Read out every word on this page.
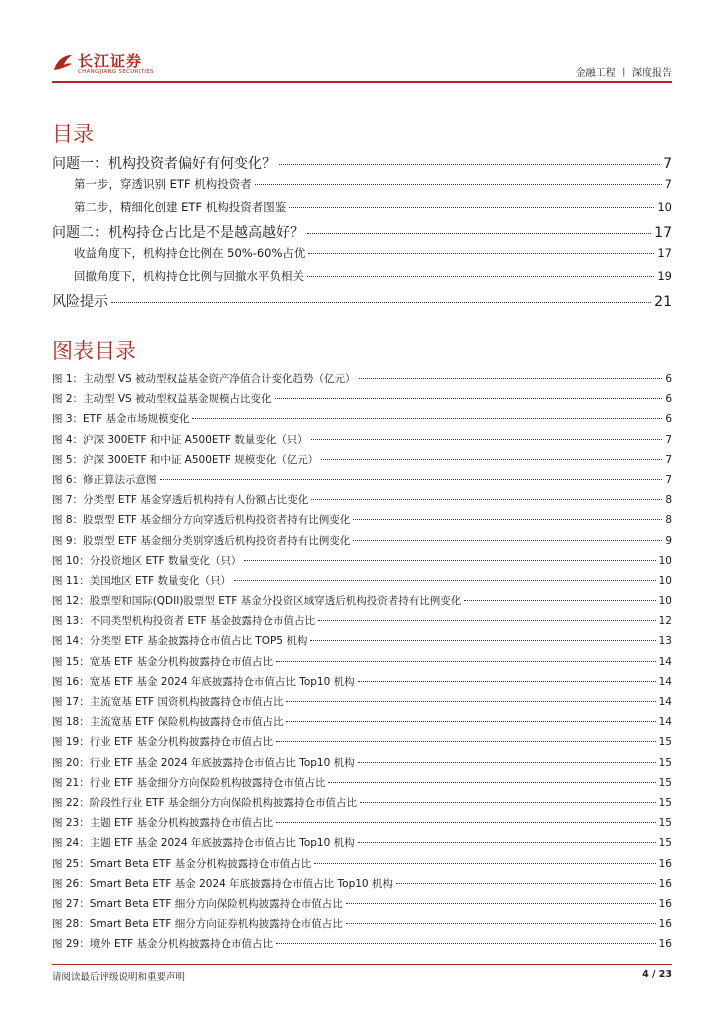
长江证券
CHANGJIANG SECURITIES	金融工程 丨 深度报告
目录
问题一：机构投资者偏好有何变化？	7
第一步，穿透识别 ETF 机构投资者	7
第二步，精细化创建 ETF 机构投资者图鉴	10
问题二：机构持仓占比是不是越高越好？	17
收益角度下，机构持仓比例在 50%-60%占优	17
回撤角度下，机构持仓比例与回撤水平负相关	19
风险提示	21
图表目录
图 1：主动型 VS 被动型权益基金资产净值合计变化趋势（亿元）	6
图 2：主动型 VS 被动型权益基金规模占比变化	6
图 3：ETF 基金市场规模变化	6
图 4：沪深 300ETF 和中证 A500ETF 数量变化（只）	7
图 5：沪深 300ETF 和中证 A500ETF 规模变化（亿元）	7
图 6：修正算法示意图	7
图 7：分类型 ETF 基金穿透后机构持有人份额占比变化	8
图 8：股票型 ETF 基金细分方向穿透后机构投资者持有比例变化	8
图 9：股票型 ETF 基金细分类别穿透后机构投资者持有比例变化	9
图 10：分投资地区 ETF 数量变化（只）	10
图 11：美国地区 ETF 数量变化（只）	10
图 12：股票型和国际(QDII)股票型 ETF 基金分投资区域穿透后机构投资者持有比例变化	10
图 13：不同类型机构投资者 ETF 基金披露持仓市值占比	12
图 14：分类型 ETF 基金披露持仓市值占比 TOP5 机构	13
图 15：宽基 ETF 基金分机构披露持仓市值占比	14
图 16：宽基 ETF 基金 2024 年底披露持仓市值占比 Top10 机构	14
图 17：主流宽基 ETF 国资机构披露持仓市值占比	14
图 18：主流宽基 ETF 保险机构披露持仓市值占比	14
图 19：行业 ETF 基金分机构披露持仓市值占比	15
图 20：行业 ETF 基金 2024 年底披露持仓市值占比 Top10 机构	15
图 21：行业 ETF 基金细分方向保险机构披露持仓市值占比	15
图 22：阶段性行业 ETF 基金细分方向保险机构披露持仓市值占比	15
图 23：主题 ETF 基金分机构披露持仓市值占比	15
图 24：主题 ETF 基金 2024 年底披露持仓市值占比 Top10 机构	15
图 25：Smart Beta ETF 基金分机构披露持仓市值占比	16
图 26：Smart Beta ETF 基金 2024 年底披露持仓市值占比 Top10 机构	16
图 27：Smart Beta ETF 细分方向保险机构披露持仓市值占比	16
图 28：Smart Beta ETF 细分方向证券机构披露持仓市值占比	16
图 29：境外 ETF 基金分机构披露持仓市值占比	16
请阅读最后评级说明和重要声明	4 / 23
